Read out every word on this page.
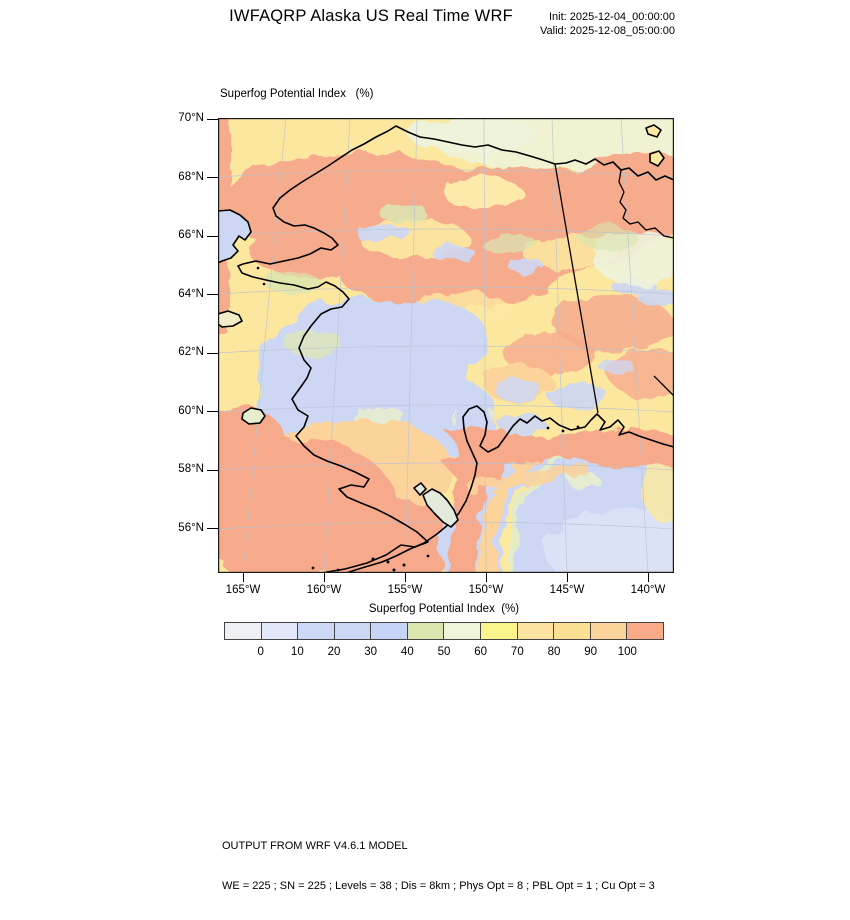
IWFAQRP Alaska US Real Time WRF	Init: 2025-12-04_00:00:00
Valid: 2025-12-08_05:00:00
Superfog Potential Index   (%)
Superfog Potential Index  (%)

OUTPUT FROM WRF V4.6.1 MODEL

WE = 225 ; SN = 225 ; Levels = 38 ; Dis = 8km ; Phys Opt = 8 ; PBL Opt = 1 ; Cu Opt = 3

70°N
68°N
66°N
64°N
62°N
60°N
58°N
56°N
165°W	160°W	155°W	150°W	145°W	140°W
0	10	20	30	40	50	60	70	80	90	100
